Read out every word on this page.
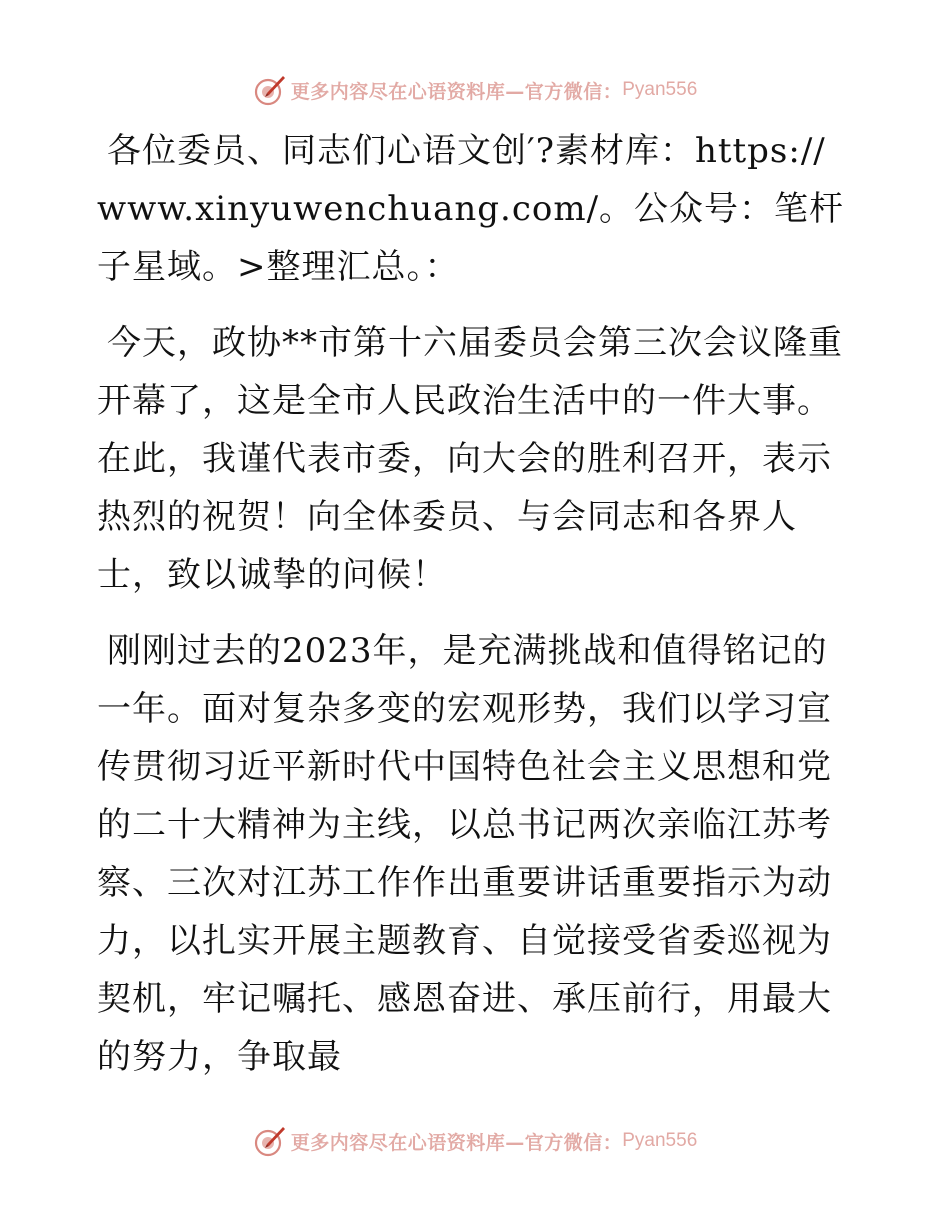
更多内容尽在心语资料库—官方微信： Pyan556

各位委员、同志们心语文创′?素材库：https://www.xinyuwenchuang.com/。公众号：笔杆子星域。>整理汇总。：

今天，政协**市第十六届委员会第三次会议隆重开幕了，这是全市人民政治生活中的一件大事。在此，我谨代表市委，向大会的胜利召开，表示热烈的祝贺！向全体委员、与会同志和各界人士，致以诚挚的问候！

刚刚过去的2023年，是充满挑战和值得铭记的一年。面对复杂多变的宏观形势，我们以学习宣传贯彻习近平新时代中国特色社会主义思想和党的二十大精神为主线，以总书记两次亲临江苏考察、三次对江苏工作作出重要讲话重要指示为动力，以扎实开展主题教育、自觉接受省委巡视为契机，牢记嘱托、感恩奋进、承压前行，用最大的努力，争取最

更多内容尽在心语资料库—官方微信： Pyan556
